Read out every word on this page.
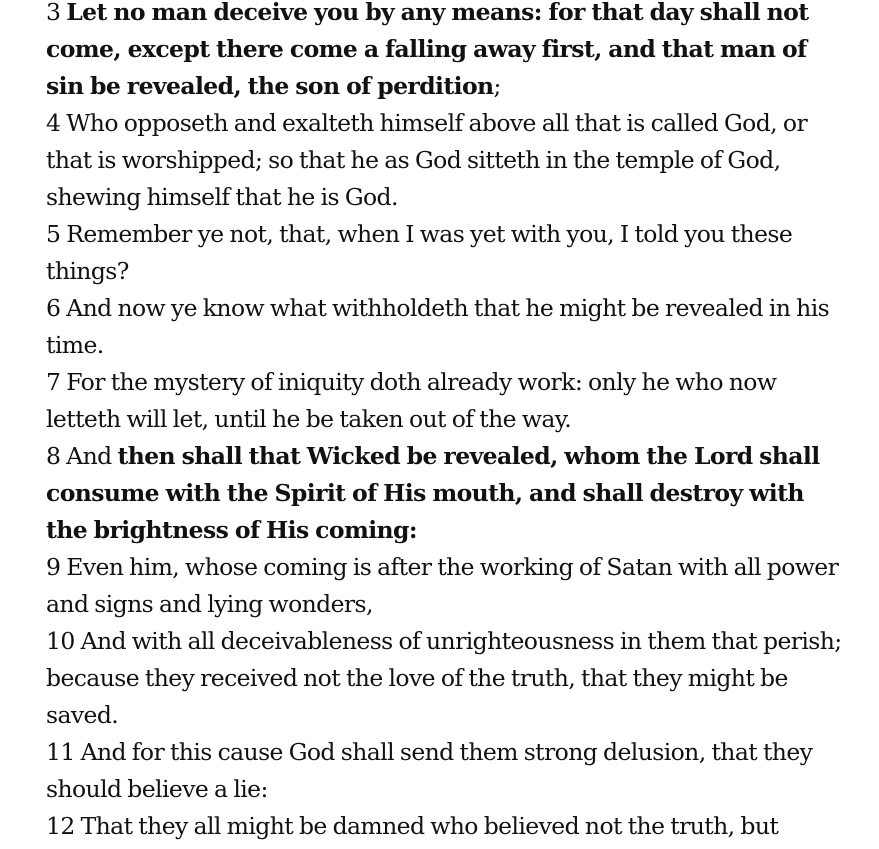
3 Let no man deceive you by any means: for that day shall not come, except there come a falling away first, and that man of sin be revealed, the son of perdition;

4 Who opposeth and exalteth himself above all that is called God, or that is worshipped; so that he as God sitteth in the temple of God, shewing himself that he is God.

5 Remember ye not, that, when I was yet with you, I told you these things?

6 And now ye know what withholdeth that he might be revealed in his time.

7 For the mystery of iniquity doth already work: only he who now letteth will let, until he be taken out of the way.

8 And then shall that Wicked be revealed, whom the Lord shall consume with the Spirit of His mouth, and shall destroy with the brightness of His coming:

9 Even him, whose coming is after the working of Satan with all power and signs and lying wonders,

10 And with all deceivableness of unrighteousness in them that perish; because they received not the love of the truth, that they might be saved.

11 And for this cause God shall send them strong delusion, that they should believe a lie:

12 That they all might be damned who believed not the truth, but
